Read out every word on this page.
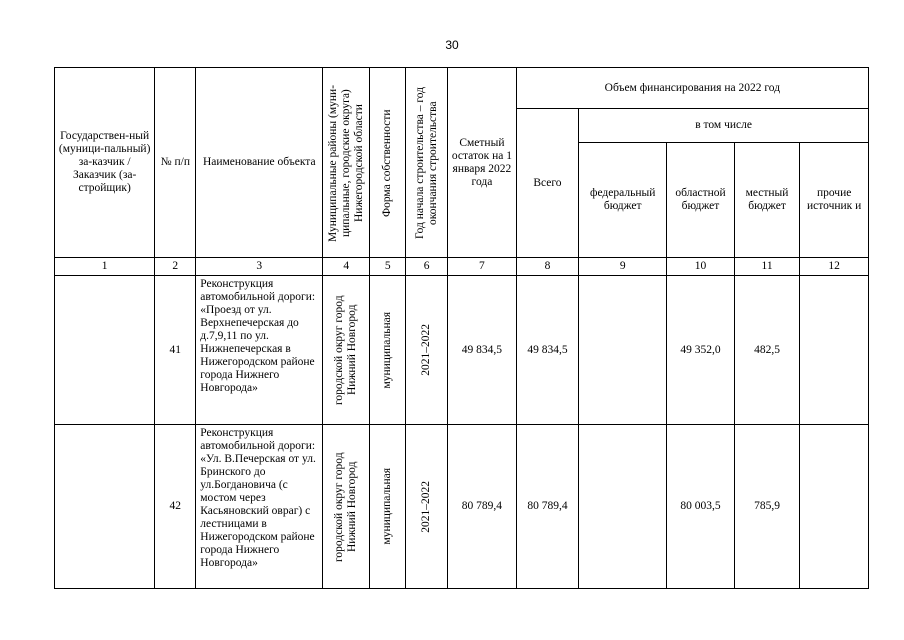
30
Государствен-ный (муници-пальный) за-казчик / Заказчик (за-стройщик)	№ п/п	Наименование объекта	Муниципальные районы (муни-ципальные, городские округа) Нижегородской области	Форма собственности	Год начала строительства – год окончания строительства	Сметный остаток на 1 января 2022 года	Объем финансирования на 2022 год				
							Всего	в том числе			
								федеральный бюджет	областной бюджет	местный бюджет	прочие источник и
1	2	3	4	5	6	7	8	9	10	11	12
	41	Реконструкция автомобильной дороги: «Проезд от ул. Верхнепечерская до д.7,9,11 по ул. Нижнепечерская в Нижегородском районе города Нижнего Новгорода»	городской округ город Нижний Новгород	муниципальная	2021–2022	49 834,5	49 834,5		49 352,0	482,5	
	42	Реконструкция автомобильной дороги: «Ул. В.Печерская от ул. Бринского до ул.Богдановича (с мостом через Касьяновский овраг) с лестницами в Нижегородском районе города Нижнего Новгорода»	городской округ город Нижний Новгород	муниципальная	2021–2022	80 789,4	80 789,4		80 003,5	785,9	
